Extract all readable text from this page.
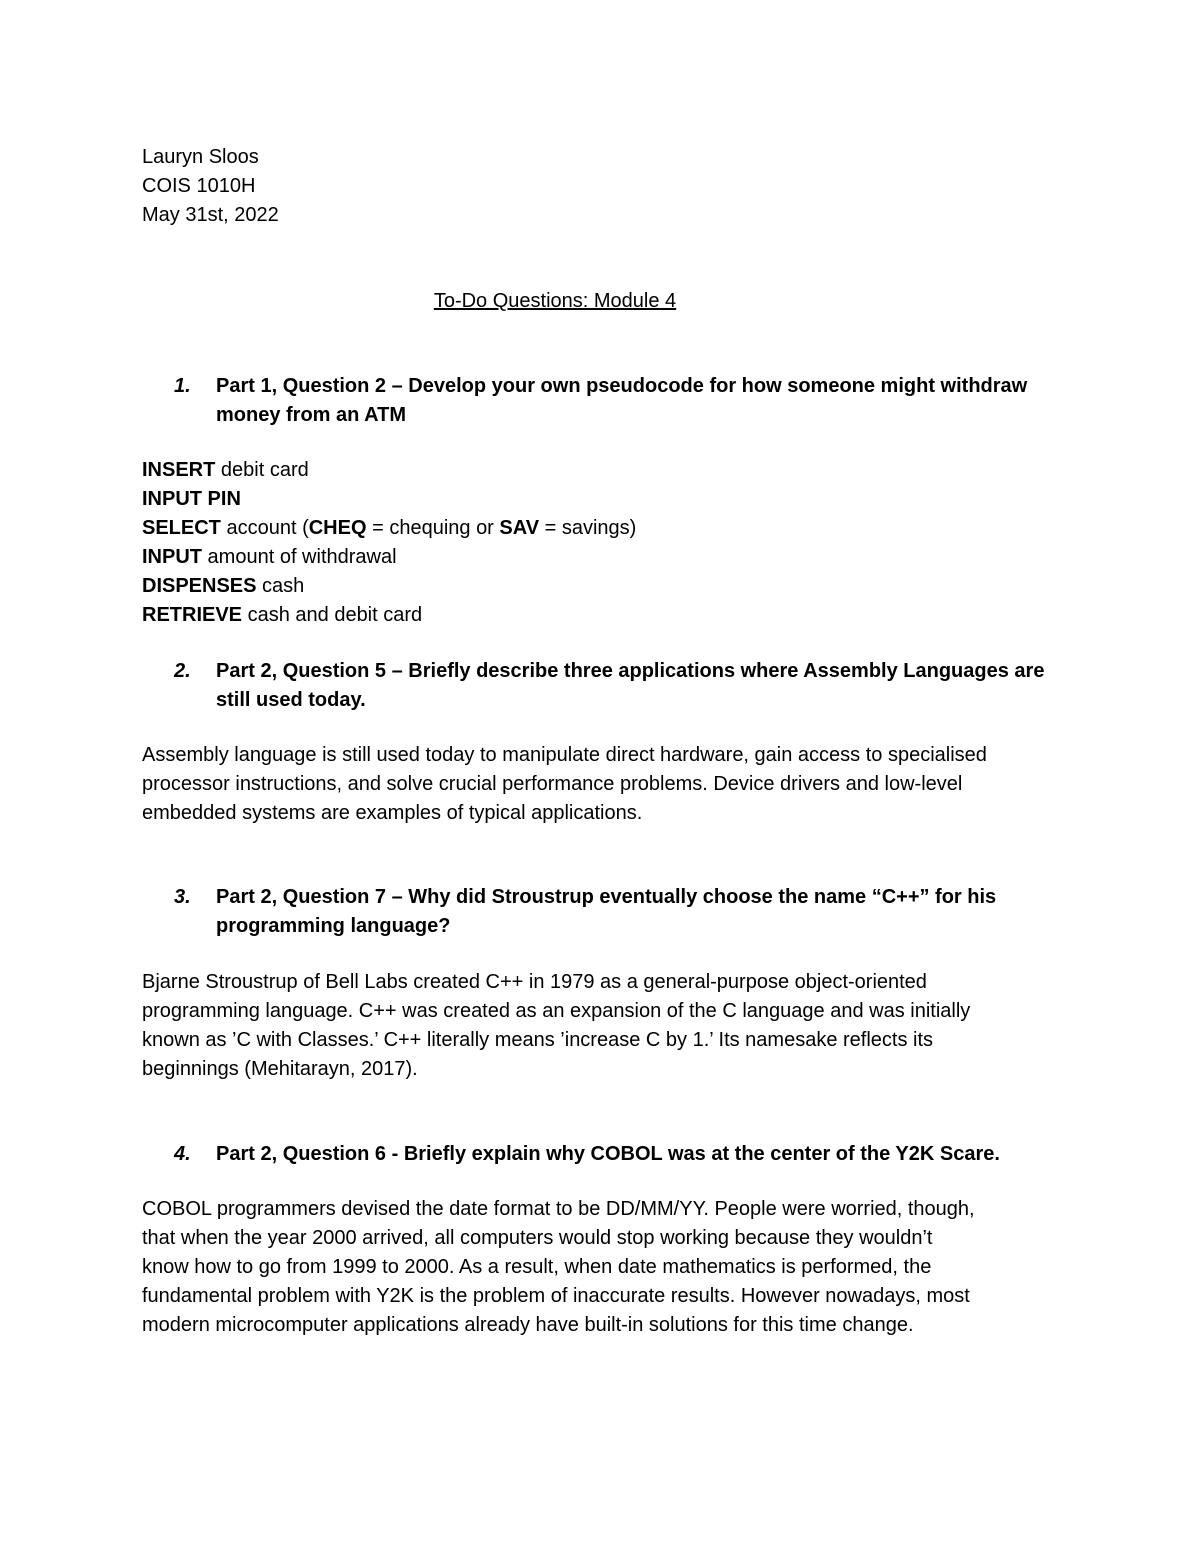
Lauryn Sloos
COIS 1010H
May 31st, 2022
To-Do Questions: Module 4
1. Part 1, Question 2 – Develop your own pseudocode for how someone might withdraw
money from an ATM
INSERT debit card
INPUT PIN
SELECT account (CHEQ = chequing or SAV = savings)
INPUT amount of withdrawal
DISPENSES cash
RETRIEVE cash and debit card
2. Part 2, Question 5 – Briefly describe three applications where Assembly Languages are
still used today.
Assembly language is still used today to manipulate direct hardware, gain access to specialised
processor instructions, and solve crucial performance problems. Device drivers and low-level
embedded systems are examples of typical applications.
3. Part 2, Question 7 – Why did Stroustrup eventually choose the name “C++” for his
programming language?
Bjarne Stroustrup of Bell Labs created C++ in 1979 as a general-purpose object-oriented
programming language. C++ was created as an expansion of the C language and was initially
known as ’C with Classes.’ C++ literally means ’increase C by 1.’ Its namesake reflects its
beginnings (Mehitarayn, 2017).
4. Part 2, Question 6 - Briefly explain why COBOL was at the center of the Y2K Scare.
COBOL programmers devised the date format to be DD/MM/YY. People were worried, though,
that when the year 2000 arrived, all computers would stop working because they wouldn’t
know how to go from 1999 to 2000. As a result, when date mathematics is performed, the
fundamental problem with Y2K is the problem of inaccurate results. However nowadays, most
modern microcomputer applications already have built-in solutions for this time change.
